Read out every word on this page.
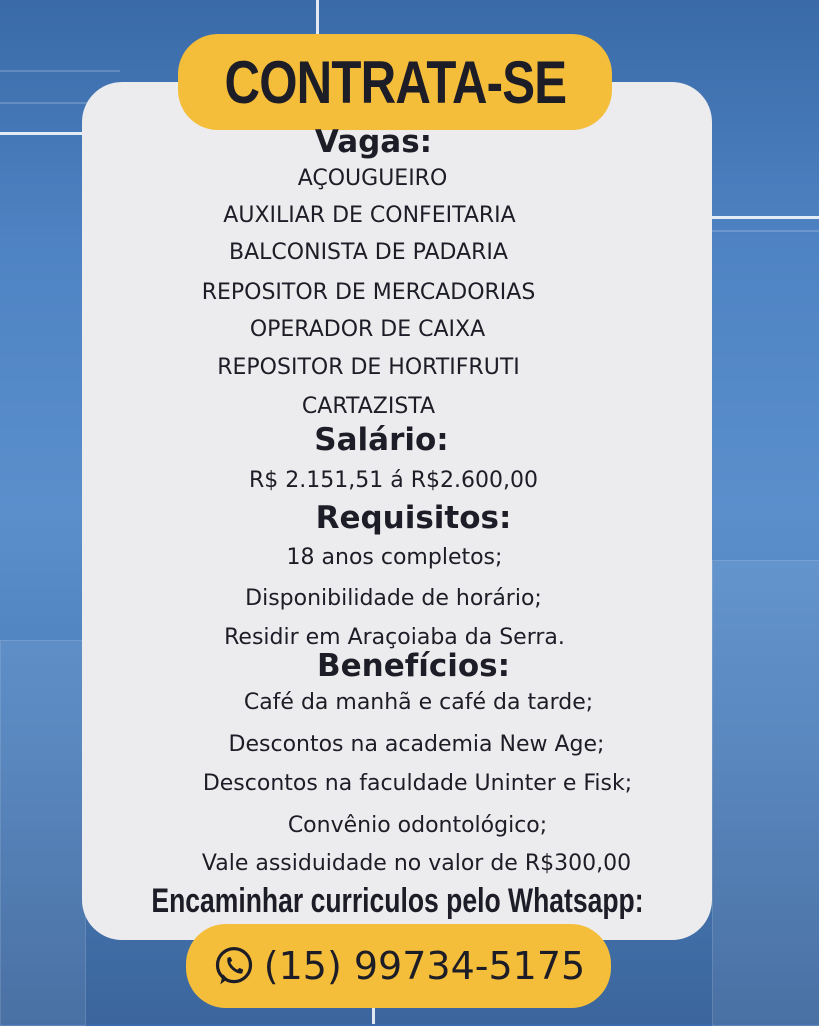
CONTRATA-SE
Vagas:
AÇOUGUEIRO
AUXILIAR DE CONFEITARIA
BALCONISTA DE PADARIA
REPOSITOR DE MERCADORIAS
OPERADOR DE CAIXA
REPOSITOR DE HORTIFRUTI
CARTAZISTA
Salário:
R$ 2.151,51 á R$2.600,00
Requisitos:
18 anos completos;
Disponibilidade de horário;
Residir em Araçoiaba da Serra.
Benefícios:
Café da manhã e café da tarde;
Descontos na academia New Age;
Descontos na faculdade Uninter e Fisk;
Convênio odontológico;
Vale assiduidade no valor de R$300,00
Encaminhar curriculos pelo Whatsapp:
(15) 99734-5175
